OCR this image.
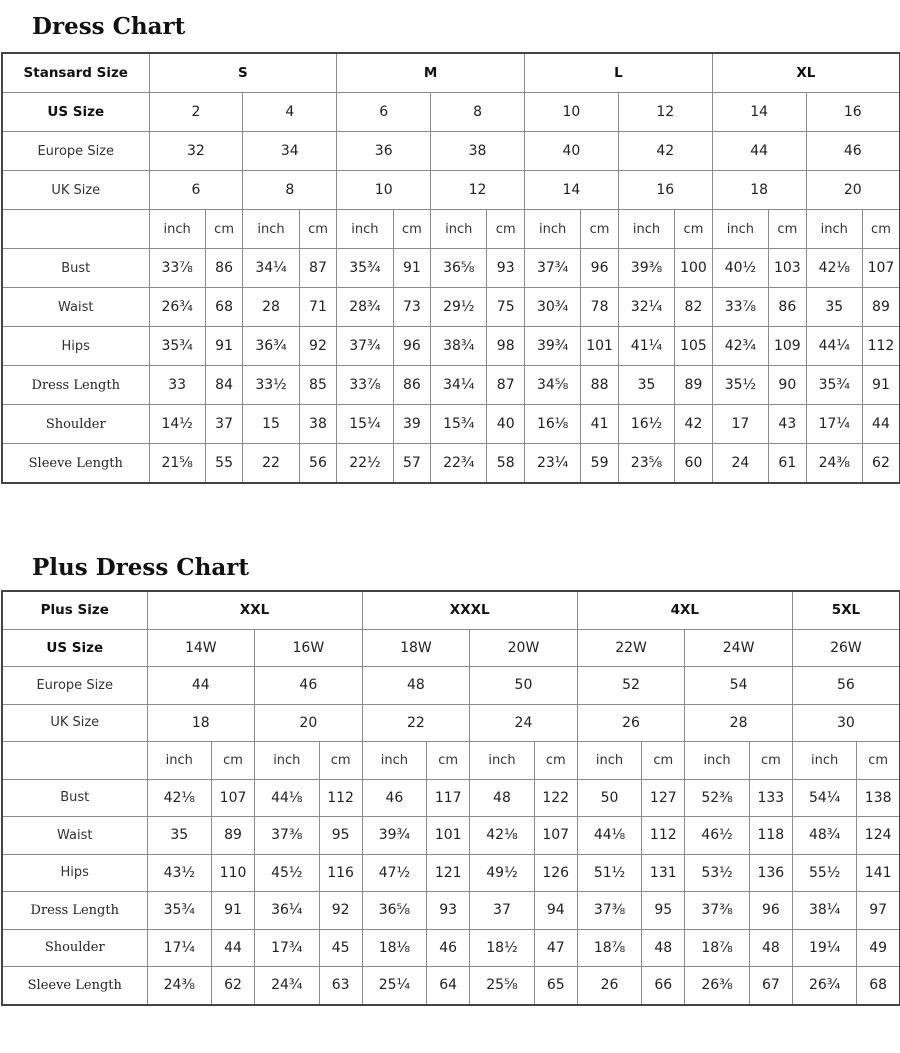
Dress Chart
Stansard Size	S				M				L				XL			
US Size	2		4		6		8		10		12		14		16	
Europe Size	32		34		36		38		40		42		44		46	
UK Size	6		8		10		12		14		16		18		20	
	inch	cm	inch	cm	inch	cm	inch	cm	inch	cm	inch	cm	inch	cm	inch	cm
Bust	33⅞	86	34¼	87	35¾	91	36⅝	93	37¾	96	39⅜	100	40½	103	42⅛	107
Waist	26¾	68	28	71	28¾	73	29½	75	30¾	78	32¼	82	33⅞	86	35	89
Hips	35¾	91	36¾	92	37¾	96	38¾	98	39¾	101	41¼	105	42¾	109	44¼	112
Dress Length	33	84	33½	85	33⅞	86	34¼	87	34⅝	88	35	89	35½	90	35¾	91
Shoulder	14½	37	15	38	15¼	39	15¾	40	16⅛	41	16½	42	17	43	17¼	44
Sleeve Length	21⅝	55	22	56	22½	57	22¾	58	23¼	59	23⅝	60	24	61	24⅜	62
Plus Dress Chart
Plus Size	XXL				XXXL				4XL				5XL	
US Size	14W		16W		18W		20W		22W		24W		26W	
Europe Size	44		46		48		50		52		54		56	
UK Size	18		20		22		24		26		28		30	
	inch	cm	inch	cm	inch	cm	inch	cm	inch	cm	inch	cm	inch	cm
Bust	42⅛	107	44⅛	112	46	117	48	122	50	127	52⅜	133	54¼	138
Waist	35	89	37⅜	95	39¾	101	42⅛	107	44⅛	112	46½	118	48¾	124
Hips	43½	110	45½	116	47½	121	49½	126	51½	131	53½	136	55½	141
Dress Length	35¾	91	36¼	92	36⅝	93	37	94	37⅜	95	37⅜	96	38¼	97
Shoulder	17¼	44	17¾	45	18⅛	46	18½	47	18⅞	48	18⅞	48	19¼	49
Sleeve Length	24⅜	62	24¾	63	25¼	64	25⅝	65	26	66	26⅜	67	26¾	68
